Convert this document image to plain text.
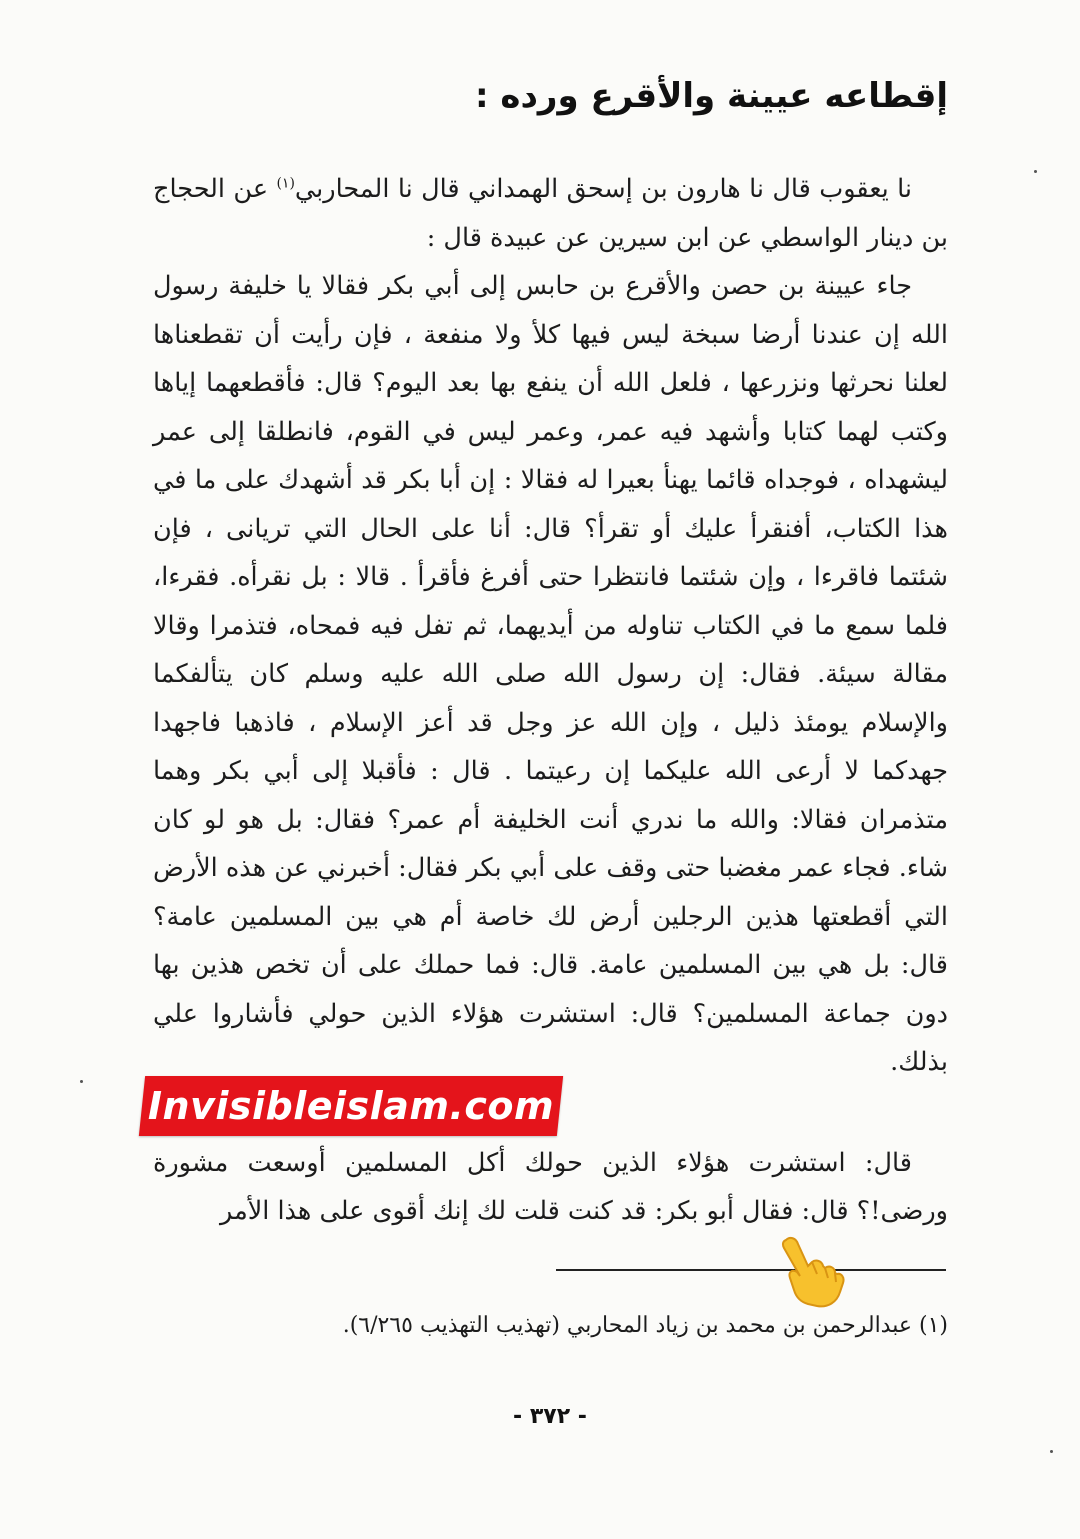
إقطاعه عيينة والأقرع ورده :

نا يعقوب قال نا هارون بن إسحق الهمداني قال نا المحاربي$^{(١)}$ عن الحجاج بن دينار الواسطي عن ابن سيرين عن عبيدة قال :

جاء عيينة بن حصن والأقرع بن حابس إلى أبي بكر فقالا يا خليفة رسول الله إن عندنا أرضا سبخة ليس فيها كلأ ولا منفعة ، فإن رأيت أن تقطعناها لعلنا نحرثها ونزرعها ، فلعل الله أن ينفع بها بعد اليوم؟ قال: فأقطعهما إياها وكتب لهما كتابا وأشهد فيه عمر، وعمر ليس في القوم، فانطلقا إلى عمر ليشهداه ، فوجداه قائما يهنأ بعيرا له فقالا : إن أبا بكر قد أشهدك على ما في هذا الكتاب، أفنقرأ عليك أو تقرأ؟ قال: أنا على الحال التي تريانى ، فإن شئتما فاقرءا ، وإن شئتما فانتظرا حتى أفرغ فأقرأ . قالا : بل نقرأه. فقرءا، فلما سمع ما في الكتاب تناوله من أيديهما، ثم تفل فيه فمحاه، فتذمرا وقالا مقالة سيئة. فقال: إن رسول الله صلى الله عليه وسلم كان يتألفكما والإسلام يومئذ ذليل ، وإن الله عز وجل قد أعز الإسلام ، فاذهبا فاجهدا جهدكما لا أرعى الله عليكما إن رعيتما . قال : فأقبلا إلى أبي بكر وهما متذمران فقالا: والله ما ندري أنت الخليفة أم عمر؟ فقال: بل هو لو كان شاء. فجاء عمر مغضبا حتى وقف على أبي بكر فقال: أخبرني عن هذه الأرض التي أقطعتها هذين الرجلين أرض لك خاصة أم هي بين المسلمين عامة؟ قال: بل هي بين المسلمين عامة. قال: فما حملك على أن تخص هذين بها دون جماعة المسلمين؟ قال: استشرت هؤلاء الذين حولي فأشاروا علي بذلك.

قال: استشرت هؤلاء الذين حولك أكل المسلمين أوسعت مشورة ورضى!؟ قال: فقال أبو بكر: قد كنت قلت لك إنك أقوى على هذا الأمر

Invisibleislam.com
(١) عبدالرحمن بن محمد بن زياد المحاربي (تهذيب التهذيب ٦/٢٦٥).
- ٣٧٢ -
